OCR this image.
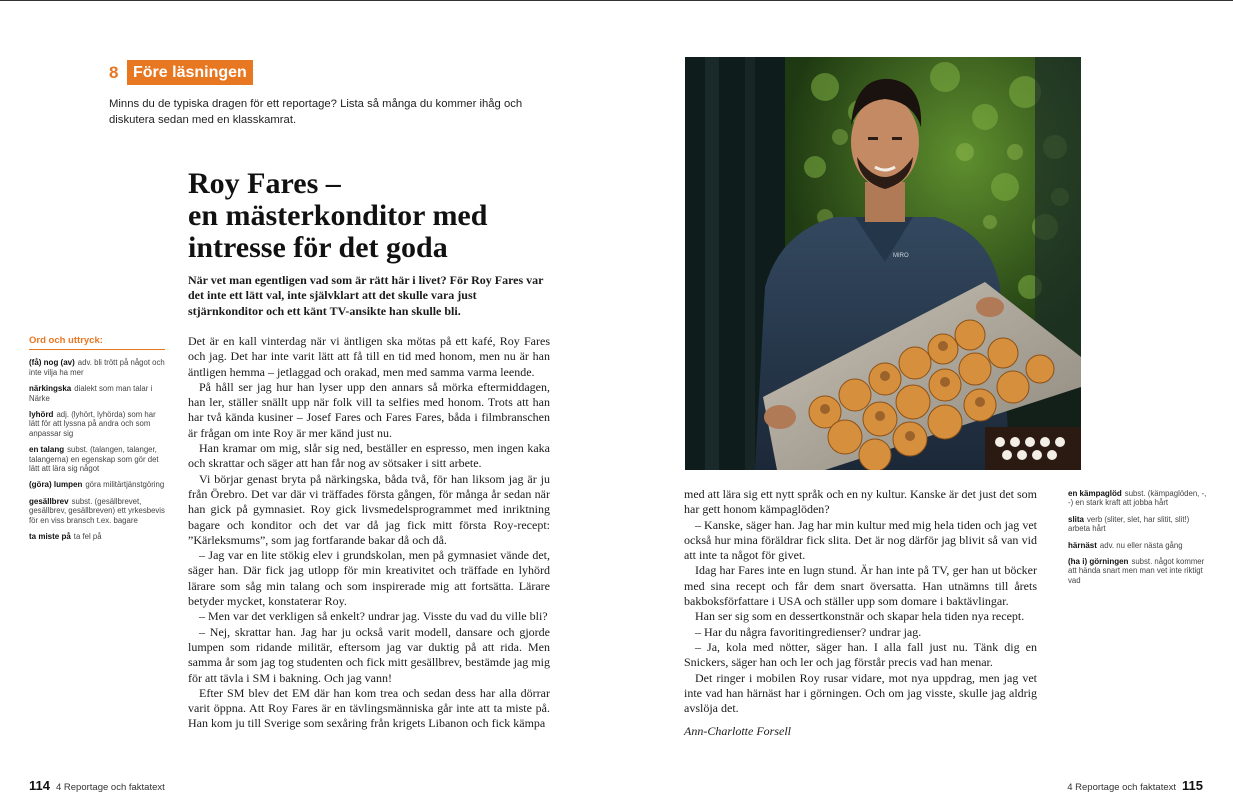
8 Före läsningen

Minns du de typiska dragen för ett reportage? Lista så många du kommer ihåg och diskutera sedan med en klasskamrat.

Roy Fares –
en mästerkonditor med
intresse för det goda

När vet man egentligen vad som är rätt här i livet? För Roy Fares var det inte ett lätt val, inte självklart att det skulle vara just stjärnkonditor och ett känt TV-ansikte han skulle bli.

Det är en kall vinterdag när vi äntligen ska mötas på ett kafé, Roy Fares och jag. Det har inte varit lätt att få till en tid med honom, men nu är han äntligen hemma – jetlaggad och orakad, men med samma varma leende.

På håll ser jag hur han lyser upp den annars så mörka eftermiddagen, han ler, ställer snällt upp när folk vill ta selfies med honom. Trots att han har två kända kusiner – Josef Fares och Fares Fares, båda i filmbranschen är frågan om inte Roy är mer känd just nu.

Han kramar om mig, slår sig ned, beställer en espresso, men ingen kaka och skrattar och säger att han får nog av sötsaker i sitt arbete.

Vi börjar genast bryta på närkingska, båda två, för han liksom jag är ju från Örebro. Det var där vi träffades första gången, för många år sedan när han gick på gymnasiet. Roy gick livsmedelsprogrammet med inriktning bagare och konditor och det var då jag fick mitt första Roy-recept: ”Kärleksmums”, som jag fortfarande bakar då och då.

– Jag var en lite stökig elev i grundskolan, men på gymnasiet vände det, säger han. Där fick jag utlopp för min kreativitet och träffade en lyhörd lärare som såg min talang och som inspirerade mig att fortsätta. Lärare betyder mycket, konstaterar Roy.

– Men var det verkligen så enkelt? undrar jag. Visste du vad du ville bli?

– Nej, skrattar han. Jag har ju också varit modell, dansare och gjorde lumpen som ridande militär, eftersom jag var duktig på att rida. Men samma år som jag tog studenten och fick mitt gesällbrev, bestämde jag mig för att tävla i SM i bakning. Och jag vann!

Efter SM blev det EM där han kom trea och sedan dess har alla dörrar varit öppna. Att Roy Fares är en tävlingsmänniska går inte att ta miste på. Han kom ju till Sverige som sexåring från krigets Libanon och fick kämpa

Ord och uttryck:
(få) nog (av) adv. bli trött på något och inte vilja ha mer
närkingska dialekt som man talar i Närke
lyhörd adj. (lyhört, lyhörda) som har lätt för att lyssna på andra och som anpassar sig
en talang subst. (talangen, talanger, talangerna) en egenskap som gör det lätt att lära sig något
(göra) lumpen göra militärtjänstgöring
gesällbrev subst. (gesällbrevet, gesällbrev, gesällbreven) ett yrkesbevis för en viss bransch t.ex. bagare
ta miste på ta fel på
MIRO

med att lära sig ett nytt språk och en ny kultur. Kanske är det just det som har gett honom kämpaglöden?

– Kanske, säger han. Jag har min kultur med mig hela tiden och jag vet också hur mina föräldrar fick slita. Det är nog därför jag blivit så van vid att inte ta något för givet.

Idag har Fares inte en lugn stund. Är han inte på TV, ger han ut böcker med sina recept och får dem snart översatta. Han utnämns till årets bakboksförfattare i USA och ställer upp som domare i baktävlingar.

Han ser sig som en dessertkonstnär och skapar hela tiden nya recept.

– Har du några favoritingredienser? undrar jag.

– Ja, kola med nötter, säger han. I alla fall just nu. Tänk dig en Snickers, säger han och ler och jag förstår precis vad han menar.

Det ringer i mobilen Roy rusar vidare, mot nya uppdrag, men jag vet inte vad han härnäst har i görningen. Och om jag visste, skulle jag aldrig avslöja det.

Ann-Charlotte Forsell
en kämpaglöd subst. (kämpaglöden, -, -) en stark kraft att jobba hårt
slita verb (sliter, slet, har slitit, slit!) arbeta hårt
härnäst adv. nu eller nästa gång
(ha i) görningen subst. något kommer att hända snart men man vet inte riktigt vad
114 4 Reportage och faktatext	4 Reportage och faktatext 115
